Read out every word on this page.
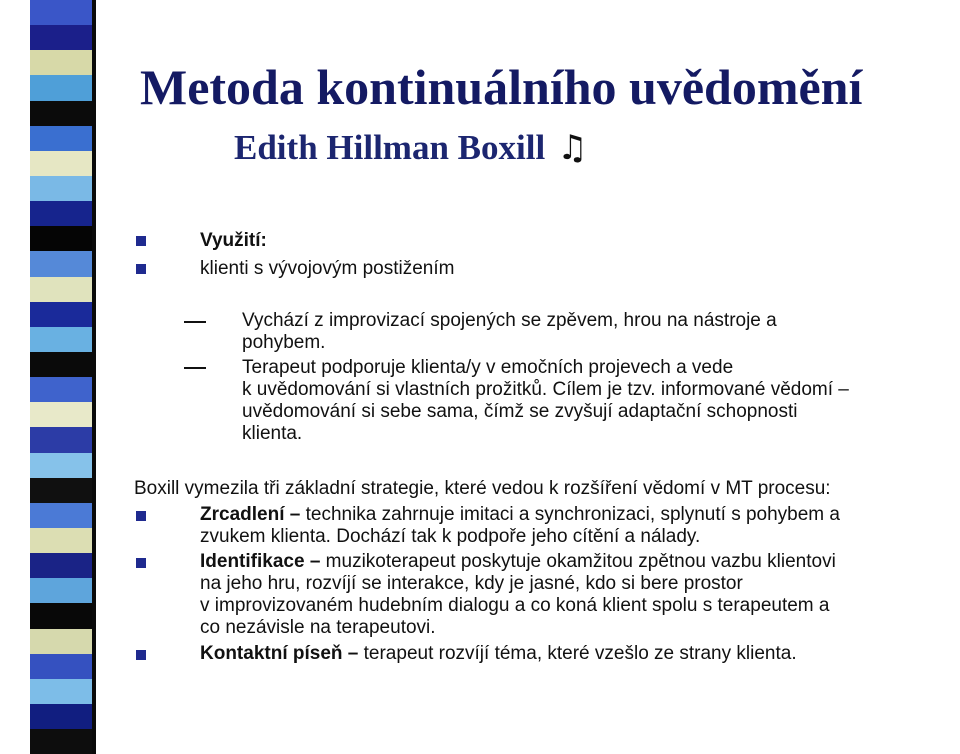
Metoda kontinuálního uvědomění
Edith Hillman Boxill ♫
Využití:
klienti s vývojovým postižením
Vychází z improvizací spojených se zpěvem, hrou na nástroje a
pohybem.
Terapeut podporuje klienta/y v emočních projevech a vede
k uvědomování si vlastních prožitků. Cílem je tzv. informované vědomí –
uvědomování si sebe sama, čímž se zvyšují adaptační schopnosti
klienta.
Boxill vymezila tři základní strategie, které vedou k rozšíření vědomí v MT procesu:
Zrcadlení – technika zahrnuje imitaci a synchronizaci, splynutí s pohybem a
zvukem klienta. Dochází tak k podpoře jeho cítění a nálady.
Identifikace – muzikoterapeut poskytuje okamžitou zpětnou vazbu klientovi
na jeho hru, rozvíjí se interakce, kdy je jasné, kdo si bere prostor
v improvizovaném hudebním dialogu a co koná klient spolu s terapeutem a
co nezávisle na terapeutovi.
Kontaktní píseň – terapeut rozvíjí téma, které vzešlo ze strany klienta.
